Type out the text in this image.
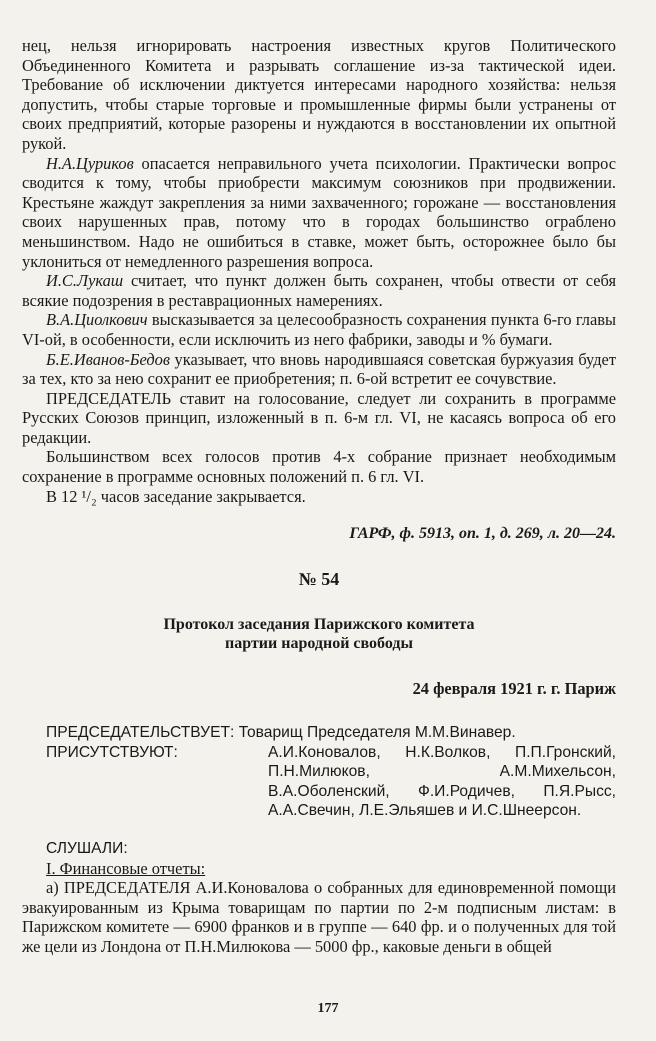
нец, нельзя игнорировать настроения известных кругов Политического Объединенного Комитета и разрывать соглашение из-за тактической идеи. Требование об исключении диктуется интересами народного хозяйства: нельзя допустить, чтобы старые торговые и промышленные фирмы были устранены от своих предприятий, которые разорены и нуждаются в восстановлении их опытной рукой.

Н.А.Цуриков опасается неправильного учета психологии. Практически вопрос сводится к тому, чтобы приобрести максимум союзников при продвижении. Крестьяне жаждут закрепления за ними захваченного; горожане — восстановления своих нарушенных прав, потому что в городах большинство ограблено меньшинством. Надо не ошибиться в ставке, может быть, осторожнее было бы уклониться от немедленного разрешения вопроса.

И.С.Лукаш считает, что пункт должен быть сохранен, чтобы отвести от себя всякие подозрения в реставрационных намерениях.

В.А.Циолкович высказывается за целесообразность сохранения пункта 6-го главы VI-ой, в особенности, если исключить из него фабрики, заводы и % бумаги.

Б.Е.Иванов-Бедов указывает, что вновь народившаяся советская буржуазия будет за тех, кто за нею сохранит ее приобретения; п. 6-ой встретит ее сочувствие.

ПРЕДСЕДАТЕЛЬ ставит на голосование, следует ли сохранить в программе Русских Союзов принцип, изложенный в п. 6-м гл. VI, не касаясь вопроса об его редакции.

Большинством всех голосов против 4-х собрание признает необходимым сохранение в программе основных положений п. 6 гл. VI.

В 12 ¹/₂ часов заседание закрывается.

ГАРФ, ф. 5913, оп. 1, д. 269, л. 20—24.
№ 54
Протокол заседания Парижского комитета
партии народной свободы
24 февраля 1921 г. г. Париж
ПРЕДСЕДАТЕЛЬСТВУЕТ: Товарищ Председателя М.М.Винавер.
ПРИСУТСТВУЮТ:	А.И.Коновалов, Н.К.Волков, П.П.Гронский, П.Н.Милюков, А.М.Михельсон, В.А.Оболенский, Ф.И.Родичев, П.Я.Рысс, А.А.Свечин, Л.Е.Эльяшев и И.С.Шнеерсон.
СЛУШАЛИ:
I. Финансовые отчеты:

а) ПРЕДСЕДАТЕЛЯ А.И.Коновалова о собранных для единовременной помощи эвакуированным из Крыма товарищам по партии по 2-м подписным листам: в Парижском комитете — 6900 франков и в группе — 640 фр. и о полученных для той же цели из Лондона от П.Н.Милюкова — 5000 фр., каковые деньги в общей

177
